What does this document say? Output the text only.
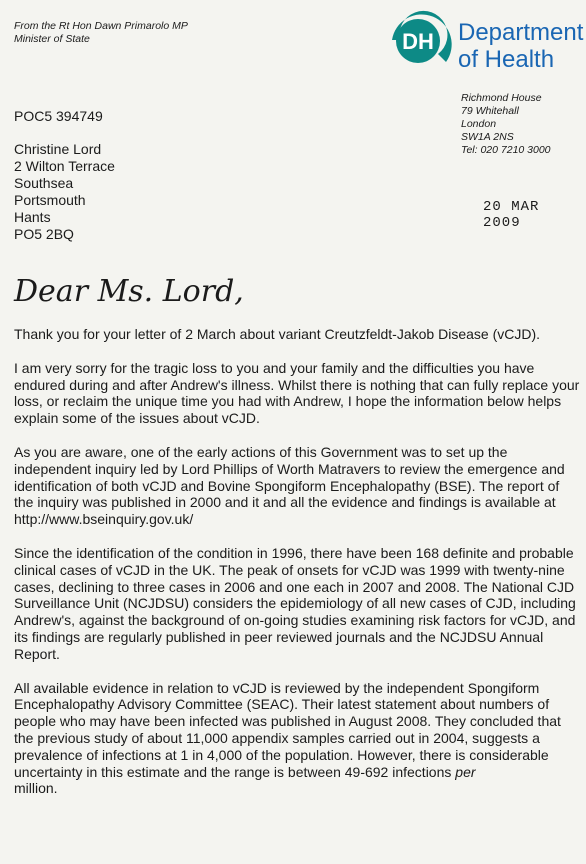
From the Rt Hon Dawn Primarolo MP
Minister of State	DH Department
of Health
Richmond House
79 Whitehall
London
SW1A 2NS
Tel: 020 7210 3000
POC5 394749
Christine Lord
2 Wilton Terrace
Southsea
Portsmouth
Hants
PO5 2BQ
20 MAR 2009
Dear Ms. Lord,

Thank you for your letter of 2 March about variant Creutzfeldt-Jakob Disease (vCJD).

I am very sorry for the tragic loss to you and your family and the difficulties you have endured during and after Andrew's illness. Whilst there is nothing that can fully replace your loss, or reclaim the unique time you had with Andrew, I hope the information below helps explain some of the issues about vCJD.

As you are aware, one of the early actions of this Government was to set up the independent inquiry led by Lord Phillips of Worth Matravers to review the emergence and identification of both vCJD and Bovine Spongiform Encephalopathy (BSE). The report of the inquiry was published in 2000 and it and all the evidence and findings is available at http://www.bseinquiry.gov.uk/

Since the identification of the condition in 1996, there have been 168 definite and probable clinical cases of vCJD in the UK. The peak of onsets for vCJD was 1999 with twenty-nine cases, declining to three cases in 2006 and one each in 2007 and 2008. The National CJD Surveillance Unit (NCJDSU) considers the epidemiology of all new cases of CJD, including Andrew's, against the background of on-going studies examining risk factors for vCJD, and its findings are regularly published in peer reviewed journals and the NCJDSU Annual Report.

All available evidence in relation to vCJD is reviewed by the independent Spongiform Encephalopathy Advisory Committee (SEAC). Their latest statement about numbers of people who may have been infected was published in August 2008. They concluded that the previous study of about 11,000 appendix samples carried out in 2004, suggests a prevalence of infections at 1 in 4,000 of the population. However, there is considerable uncertainty in this estimate and the range is between 49-692 infections per
million.
